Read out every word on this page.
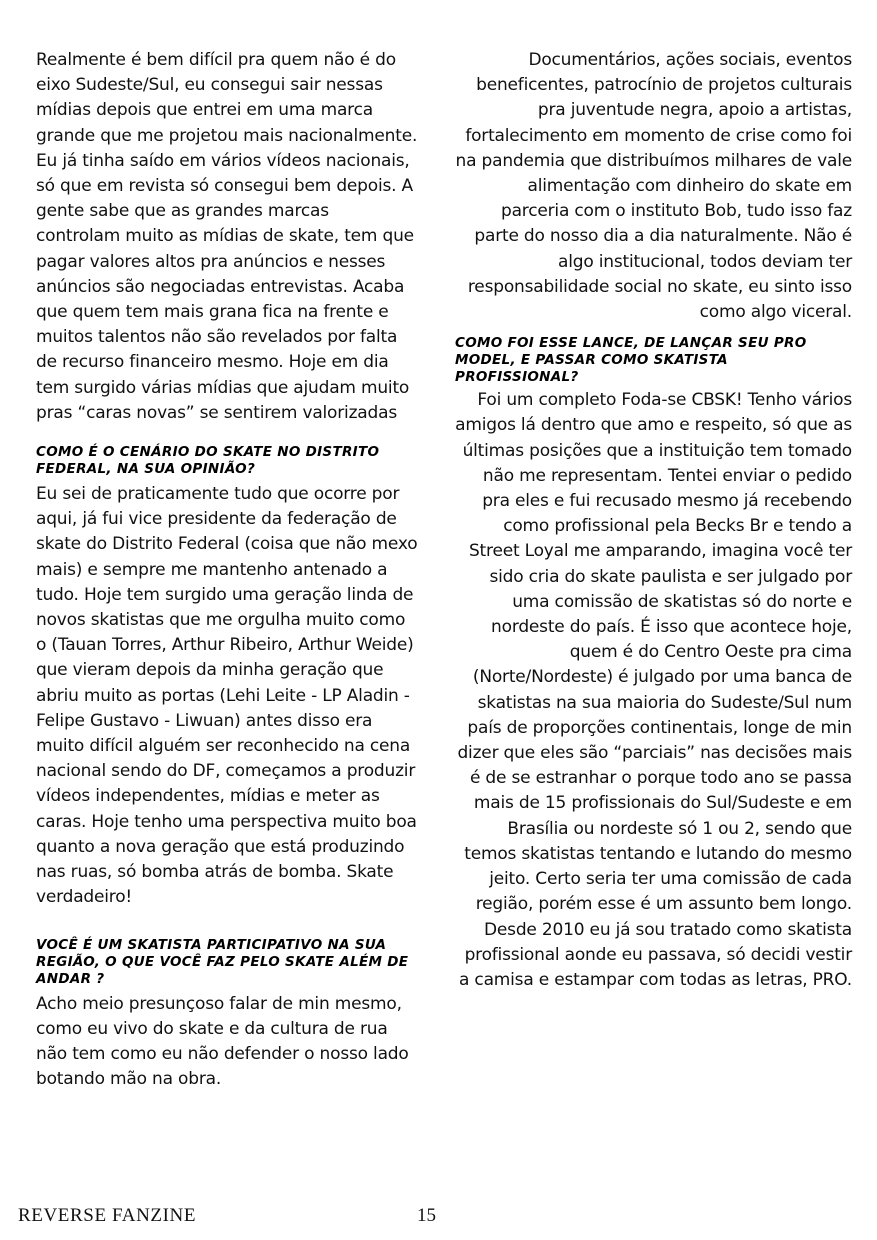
Realmente é bem difícil pra quem não é do eixo Sudeste/Sul, eu consegui sair nessas mídias depois que entrei em uma marca grande que me projetou mais nacionalmente. Eu já tinha saído em vários vídeos nacionais, só que em revista só consegui bem depois. A gente sabe que as grandes marcas controlam muito as mídias de skate, tem que pagar valores altos pra anúncios e nesses anúncios são negociadas entrevistas. Acaba que quem tem mais grana fica na frente e muitos talentos não são revelados por falta de recurso financeiro mesmo. Hoje em dia tem surgido várias mídias que ajudam muito pras “caras novas” se sentirem valorizadas

COMO É O CENÁRIO DO SKATE NO DISTRITO FEDERAL, NA SUA OPINIÃO?

Eu sei de praticamente tudo que ocorre por aqui, já fui vice presidente da federação de skate do Distrito Federal (coisa que não mexo mais) e sempre me mantenho antenado a tudo. Hoje tem surgido uma geração linda de novos skatistas que me orgulha muito como o (Tauan Torres, Arthur Ribeiro, Arthur Weide) que vieram depois da minha geração que abriu muito as portas (Lehi Leite - LP Aladin - Felipe Gustavo - Liwuan) antes disso era muito difícil alguém ser reconhecido na cena nacional sendo do DF, começamos a produzir vídeos independentes, mídias e meter as caras. Hoje tenho uma perspectiva muito boa quanto a nova geração que está produzindo nas ruas, só bomba atrás de bomba. Skate verdadeiro!

VOCÊ É UM SKATISTA PARTICIPATIVO NA SUA REGIÃO, O QUE VOCÊ FAZ PELO SKATE ALÉM DE ANDAR ?

Acho meio presunçoso falar de min mesmo, como eu vivo do skate e da cultura de rua não tem como eu não defender o nosso lado botando mão na obra.

Documentários, ações sociais, eventos beneficentes, patrocínio de projetos culturais pra juventude negra, apoio a artistas, fortalecimento em momento de crise como foi na pandemia que distribuímos milhares de vale alimentação com dinheiro do skate em parceria com o instituto Bob, tudo isso faz parte do nosso dia a dia naturalmente. Não é algo institucional, todos deviam ter responsabilidade social no skate, eu sinto isso como algo viceral.

COMO FOI ESSE LANCE, DE LANÇAR SEU PRO MODEL, E PASSAR COMO SKATISTA PROFISSIONAL?

Foi um completo Foda-se CBSK! Tenho vários amigos lá dentro que amo e respeito, só que as últimas posições que a instituição tem tomado não me representam. Tentei enviar o pedido pra eles e fui recusado mesmo já recebendo como profissional pela Becks Br e tendo a Street Loyal me amparando, imagina você ter sido cria do skate paulista e ser julgado por uma comissão de skatistas só do norte e nordeste do país. É isso que acontece hoje, quem é do Centro Oeste pra cima (Norte/Nordeste) é julgado por uma banca de skatistas na sua maioria do Sudeste/Sul num país de proporções continentais, longe de min dizer que eles são “parciais” nas decisões mais é de se estranhar o porque todo ano se passa mais de 15 profissionais do Sul/Sudeste e em Brasília ou nordeste só 1 ou 2, sendo que temos skatistas tentando e lutando do mesmo jeito. Certo seria ter uma comissão de cada região, porém esse é um assunto bem longo. Desde 2010 eu já sou tratado como skatista profissional aonde eu passava, só decidi vestir a camisa e estampar com todas as letras, PRO.

REVERSE FANZINE	15
